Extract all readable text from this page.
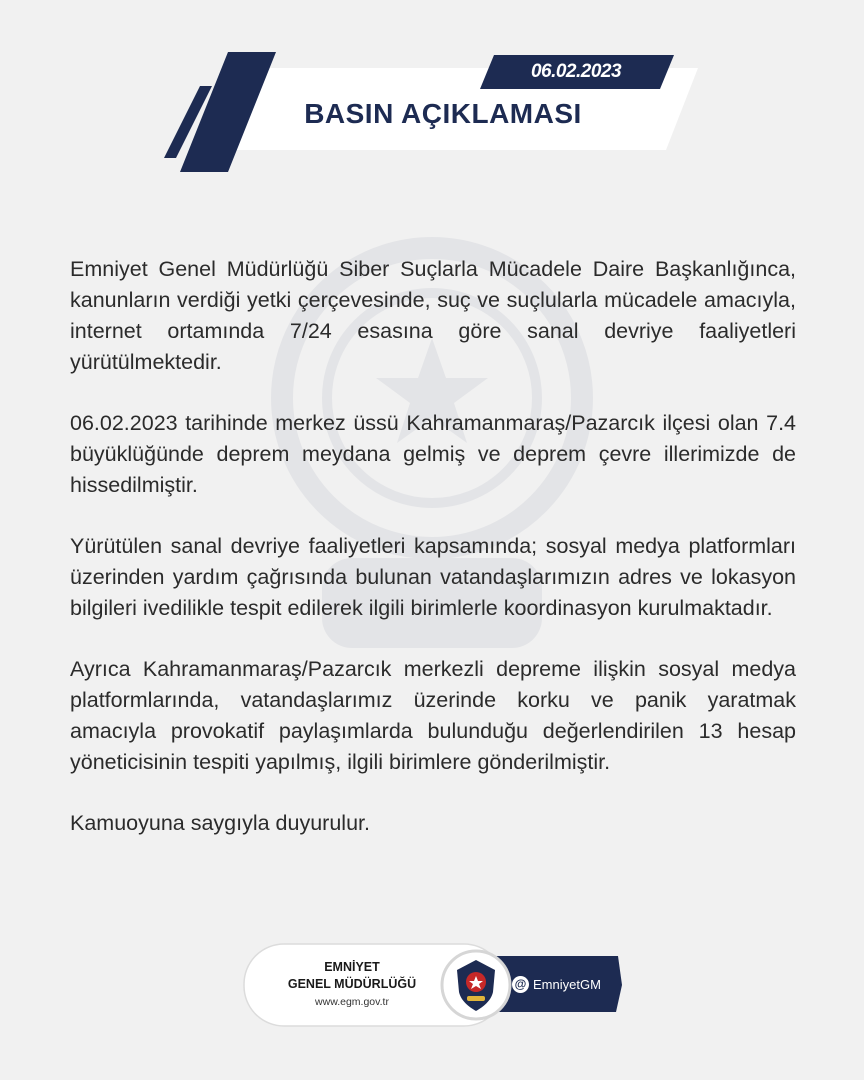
06.02.2023
BASIN AÇIKLAMASI

Emniyet Genel Müdürlüğü Siber Suçlarla Mücadele Daire Başkanlığınca, kanunların verdiği yetki çerçevesinde, suç ve suçlularla mücadele amacıyla, internet ortamında 7/24 esasına göre sanal devriye faaliyetleri yürütülmektedir.

06.02.2023 tarihinde merkez üssü Kahramanmaraş/Pazarcık ilçesi olan 7.4 büyüklüğünde deprem meydana gelmiş ve deprem çevre illerimizde de hissedilmiştir.

Yürütülen sanal devriye faaliyetleri kapsamında; sosyal medya platformları üzerinden yardım çağrısında bulunan vatandaşlarımızın adres ve lokasyon bilgileri ivedilikle tespit edilerek ilgili birimlerle koordinasyon kurulmaktadır.

Ayrıca Kahramanmaraş/Pazarcık merkezli depreme ilişkin sosyal medya platformlarında, vatandaşlarımız üzerinde korku ve panik yaratmak amacıyla provokatif paylaşımlarda bulunduğu değerlendirilen 13 hesap yöneticisinin tespiti yapılmış, ilgili birimlere gönderilmiştir.

Kamuoyuna saygıyla duyurulur.

EMNİYET
GENEL MÜDÜRLÜĞÜ
www.egm.gov.tr
@ EmniyetGM
